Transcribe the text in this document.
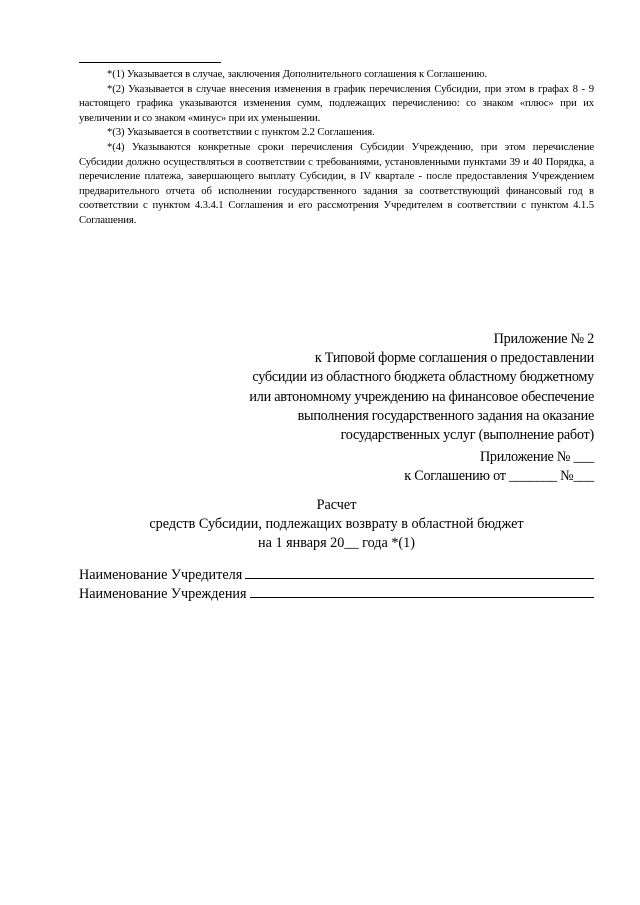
*(1) Указывается в случае, заключения Дополнительного соглашения к Соглашению.

*(2) Указывается в случае внесения изменения в график перечисления Субсидии, при этом в графах 8 - 9 настоящего графика указываются изменения сумм, подлежащих перечислению: со знаком «плюс» при их увеличении и со знаком «минус» при их уменьшении.

*(3) Указывается в соответствии с пунктом 2.2 Соглашения.

*(4) Указываются конкретные сроки перечисления Субсидии Учреждению, при этом перечисление Субсидии должно осуществляться в соответствии с требованиями, установленными пунктами 39 и 40 Порядка, а перечисление платежа, завершающего выплату Субсидии, в IV квартале - после предоставления Учреждением предварительного отчета об исполнении государственного задания за соответствующий финансовый год в соответствии с пунктом 4.3.4.1 Соглашения и его рассмотрения Учредителем в соответствии с пунктом 4.1.5 Соглашения.

Приложение № 2
к Типовой форме соглашения о предоставлении
субсидии из областного бюджета областному бюджетному
или автономному учреждению на финансовое обеспечение
выполнения государственного задания на оказание
государственных услуг (выполнение работ)
Приложение № ___
к Соглашению от _______ №___
Расчет
средств Субсидии, подлежащих возврату в областной бюджет
на 1 января 20__ года *(1)
Наименование Учредителя
Наименование Учреждения
